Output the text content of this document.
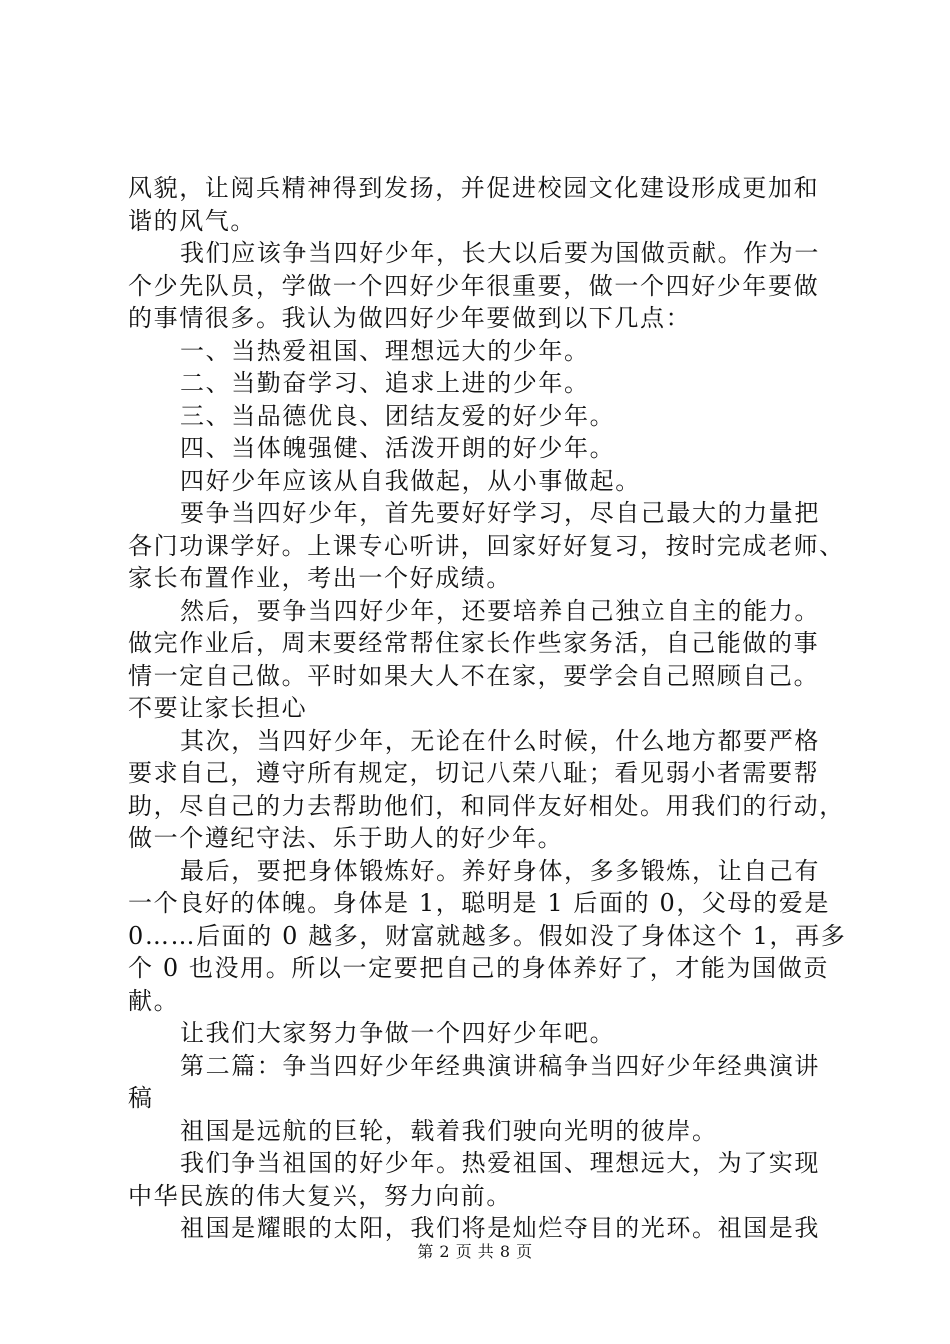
风貌，让阅兵精神得到发扬，并促进校园文化建设形成更加和
谐的风气。
我们应该争当四好少年，长大以后要为国做贡献。作为一
个少先队员，学做一个四好少年很重要，做一个四好少年要做
的事情很多。我认为做四好少年要做到以下几点：
一、当热爱祖国、理想远大的少年。
二、当勤奋学习、追求上进的少年。
三、当品德优良、团结友爱的好少年。
四、当体魄强健、活泼开朗的好少年。
四好少年应该从自我做起，从小事做起。
要争当四好少年，首先要好好学习，尽自己最大的力量把
各门功课学好。上课专心听讲，回家好好复习，按时完成老师、
家长布置作业，考出一个好成绩。
然后，要争当四好少年，还要培养自己独立自主的能力。
做完作业后，周末要经常帮住家长作些家务活，自己能做的事
情一定自己做。平时如果大人不在家，要学会自己照顾自己。
不要让家长担心
其次，当四好少年，无论在什么时候，什么地方都要严格
要求自己，遵守所有规定，切记八荣八耻；看见弱小者需要帮
助，尽自己的力去帮助他们，和同伴友好相处。用我们的行动，
做一个遵纪守法、乐于助人的好少年。
最后，要把身体锻炼好。养好身体，多多锻炼，让自己有
一个良好的体魄。身体是 1，聪明是 1 后面的 0，父母的爱是
0……后面的 0 越多，财富就越多。假如没了身体这个 1，再多
个 0 也没用。所以一定要把自己的身体养好了，才能为国做贡
献。
让我们大家努力争做一个四好少年吧。
第二篇：争当四好少年经典演讲稿争当四好少年经典演讲
稿
祖国是远航的巨轮，载着我们驶向光明的彼岸。
我们争当祖国的好少年。热爱祖国、理想远大，为了实现
中华民族的伟大复兴，努力向前。
祖国是耀眼的太阳，我们将是灿烂夺目的光环。祖国是我
第 2 页 共 8 页
